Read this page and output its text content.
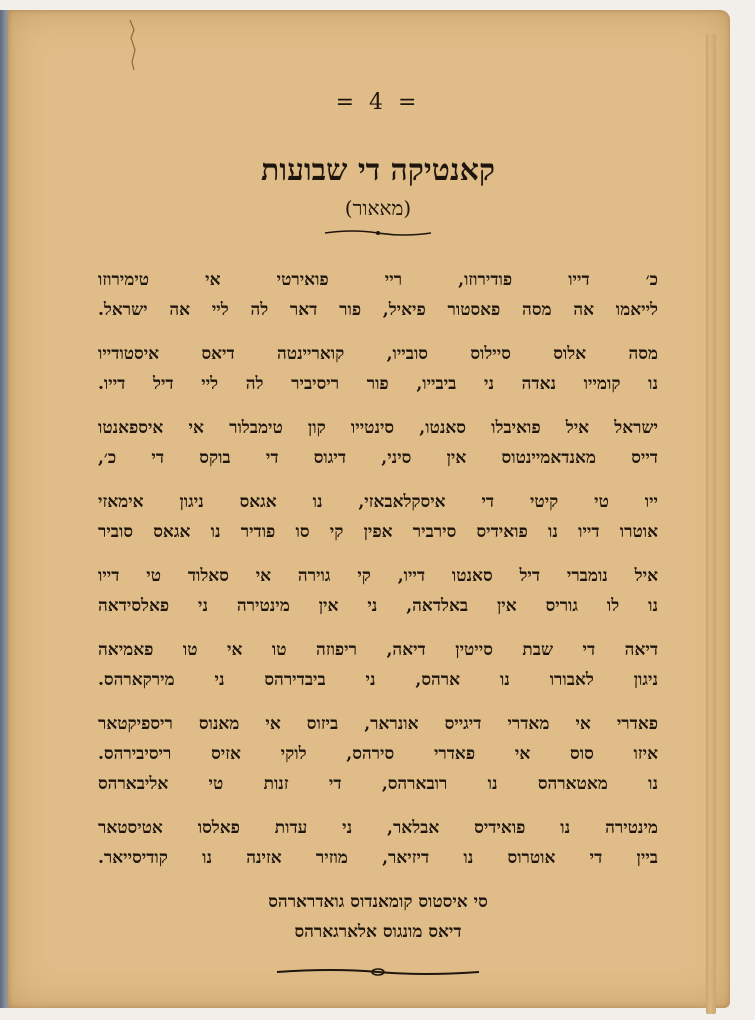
= 4 =
קאנטיקה די שבועות
(מאאור)
כ׳ דייו פודירוזו, ריי פואירטי אי טימירוזו
לייאמו אה מסה פאסטור פיאיל, פור דאר לה ליי אה ישראל.
מסה אלוס סיילוס סובייו, קואריינטה דיאס איסטודייו
נו קומייו נאדה ני ביבייו, פור ריסיביר לה ליי דיל דייו.
ישראל איל פואיבלו סאנטו, סינטייו קון טימבלור אי איספאנטו
דייס מאנדאמיינטוס אין סיני, דיגוס די בוקס די כ׳,
ייו טי קיטי די איסקלאבאזי, נו אגאס ניגון אימאזי
אוטרו דייו נו פואידיס סירביר אפין קי סו פודיר נו אגאס סוביר
איל נומברי דיל סאנטו דייו, קי גוירה אי סאלוד טי דייו
נו לו גוריס אין באלדאה, ני אין מינטירה ני פאלסידאה
דיאה די שבת סייטין דיאה, ריפוזה טו אי טו פאמיאה
ניגון לאבורו נו ארהס, ני ביבדירהס ני מירקארהס.
פאדרי אי מאדרי דיגייס אונראר, ביזוס אי מאנוס ריספיקטאר
איזו סוס אי פאדרי סירהס, לוקי אזיס ריסיבירהס.
נו מאטארהס נו רובארהס, די זנות טי אליבארהס
מינטירה נו פואידיס אבלאר, ני עדות פאלסו אטיסטאר
ביין די אוטרוס נו דיזיאר, מוזיר אזינה נו קודיסייאר.
סי איסטוס קומאנדוס גואדרארהס
דיאס מונגוס אלארגארהס
